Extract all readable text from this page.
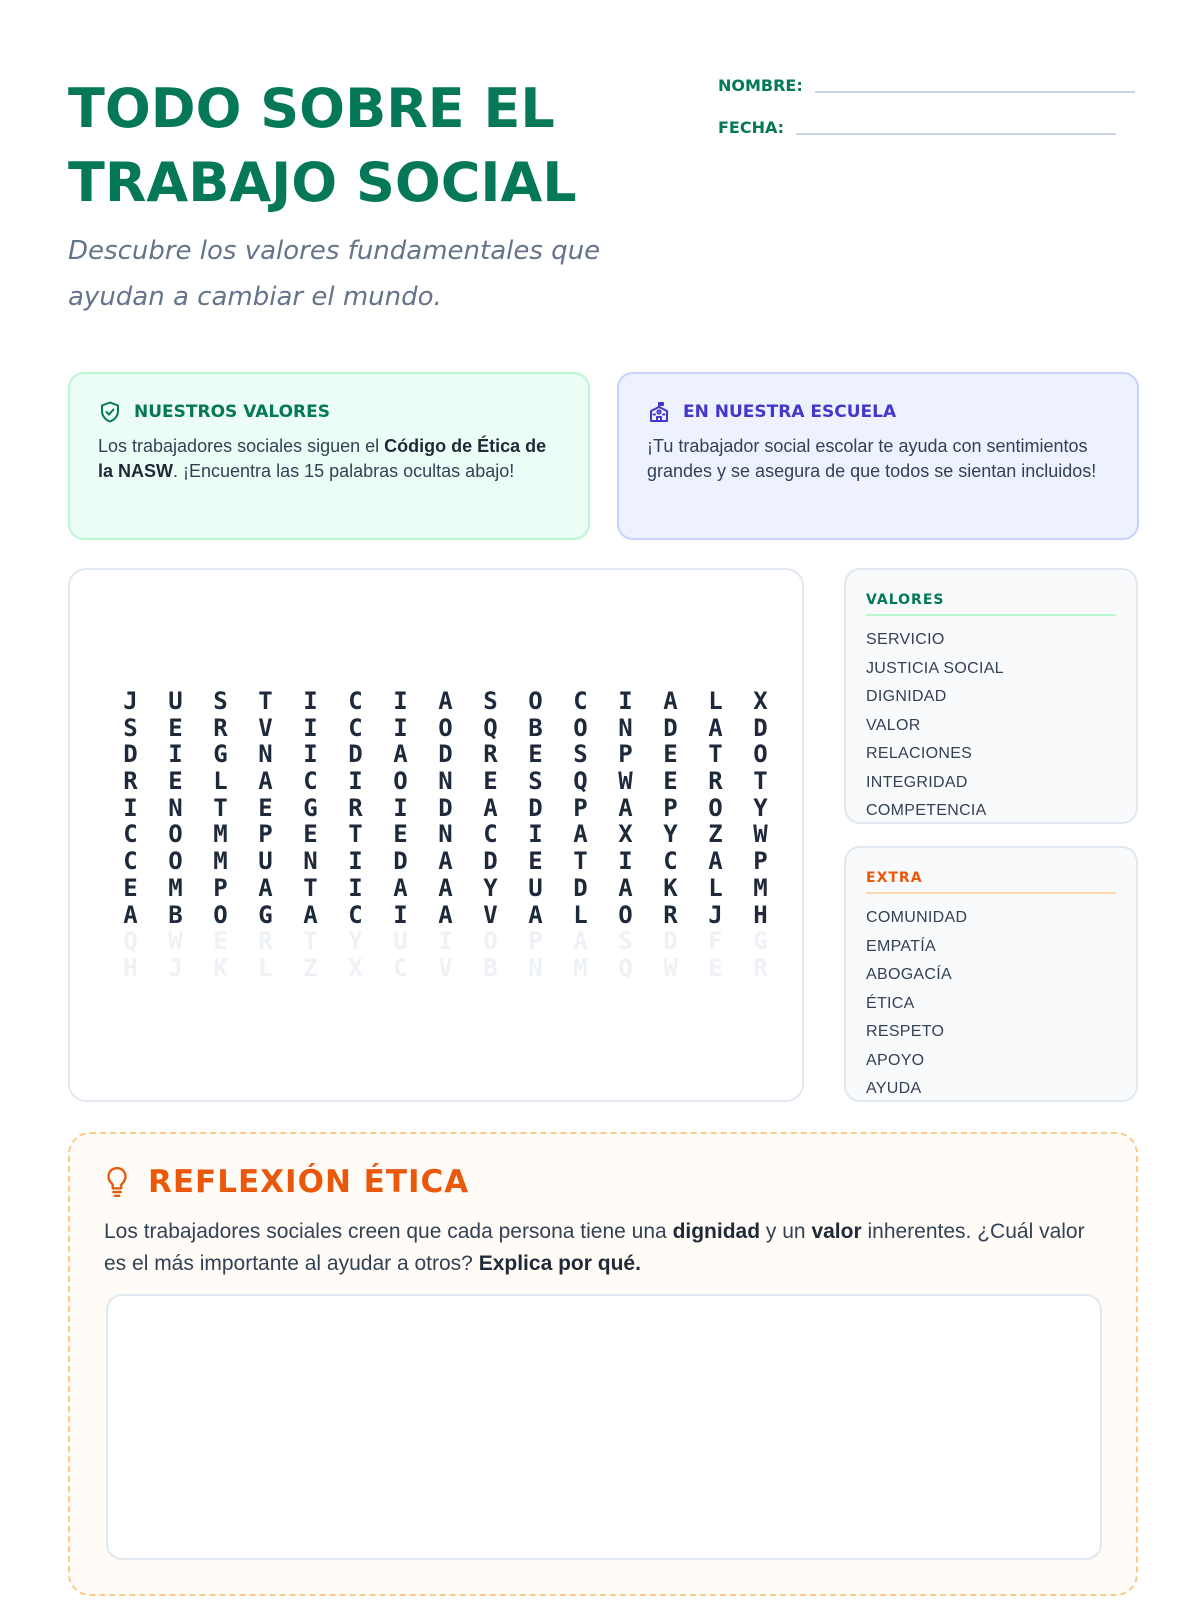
TODO SOBRE EL
TRABAJO SOCIAL
Descubre los valores fundamentales que ayudan a cambiar el mundo.
NOMBRE:
FECHA:
NUESTROS VALORES
Los trabajadores sociales siguen el Código de Ética de la NASW. ¡Encuentra las 15 palabras ocultas abajo!
EN NUESTRA ESCUELA
¡Tu trabajador social escolar te ayuda con sentimientos grandes y se asegura de que todos se sientan incluidos!
J	U	S	T	I	C	I	A	S	O	C	I	A	L	X
S	E	R	V	I	C	I	O	Q	B	O	N	D	A	D
D	I	G	N	I	D	A	D	R	E	S	P	E	T	O
R	E	L	A	C	I	O	N	E	S	Q	W	E	R	T
I	N	T	E	G	R	I	D	A	D	P	A	P	O	Y
C	O	M	P	E	T	E	N	C	I	A	X	Y	Z	W
C	O	M	U	N	I	D	A	D	E	T	I	C	A	P
E	M	P	A	T	I	A	A	Y	U	D	A	K	L	M
A	B	O	G	A	C	I	A	V	A	L	O	R	J	H
Q	W	E	R	T	Y	U	I	O	P	A	S	D	F	G
H	J	K	L	Z	X	C	V	B	N	M	Q	W	E	R
VALORES
SERVICIO
JUSTICIA SOCIAL
DIGNIDAD
VALOR
RELACIONES
INTEGRIDAD
COMPETENCIA
EXTRA
COMUNIDAD
EMPATÍA
ABOGACÍA
ÉTICA
RESPETO
APOYO
AYUDA
REFLEXIÓN ÉTICA
Los trabajadores sociales creen que cada persona tiene una dignidad y un valor inherentes. ¿Cuál valor es el más importante al ayudar a otros? Explica por qué.
